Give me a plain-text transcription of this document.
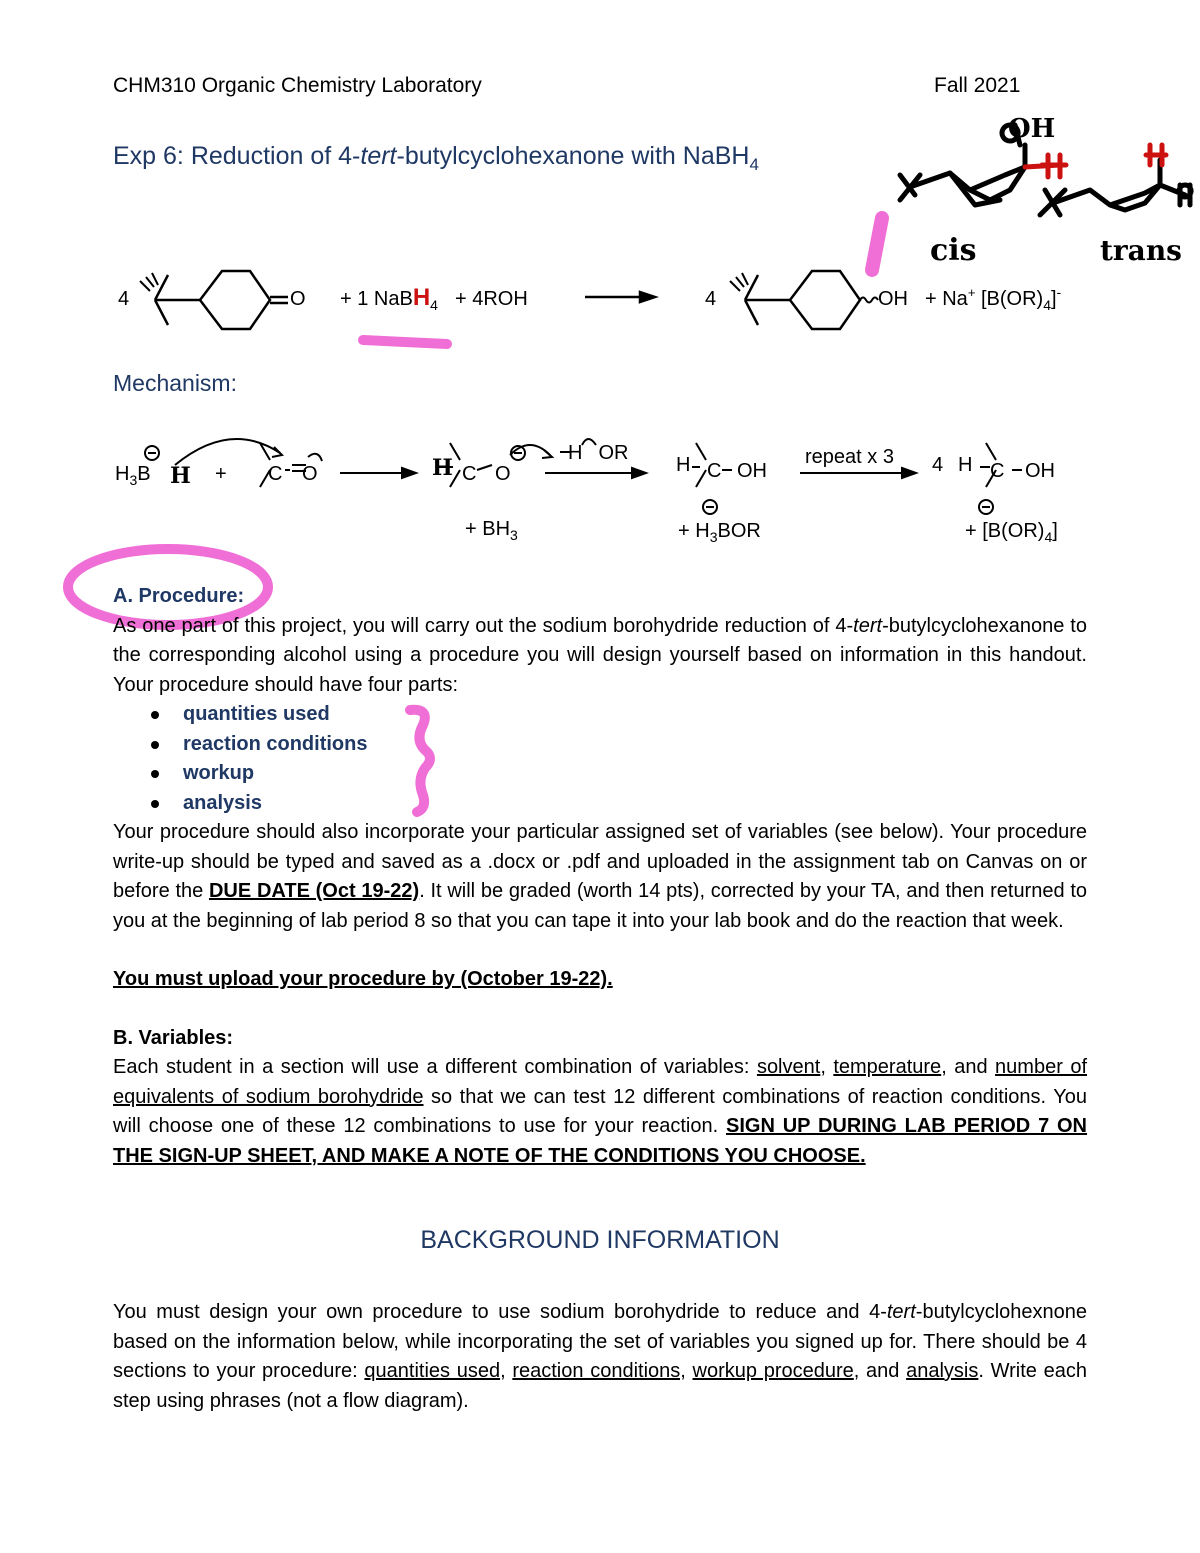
CHM310 Organic Chemistry Laboratory	Fall 2021
Exp 6: Reduction of 4-tert-butylcyclohexanone with NaBH$_4$
OH
cis	trans
4	O + 1 NaBH$_4$ + 4ROH	4	OH + Na+ $[B(OR)_4]^-$
Mechanism:
$H_3B$ H + C O	H C O
H OR
+ $BH_3$
H C OH
+ $H_3BOR$
repeat x 3 4 H C OH
+ $[B(OR)_4]$
A. Procedure:
As one part of this project, you will carry out the sodium borohydride reduction of 4-tert-butylcyclohexanone to the corresponding alcohol using a procedure you will design yourself based on information in this handout. Your procedure should have four parts:
quantities used
reaction conditions
workup
analysis
Your procedure should also incorporate your particular assigned set of variables (see below). Your procedure write-up should be typed and saved as a .docx or .pdf and uploaded in the assignment tab on Canvas on or before the DUE DATE (Oct 19-22). It will be graded (worth 14 pts), corrected by your TA, and then returned to you at the beginning of lab period 8 so that you can tape it into your lab book and do the reaction that week.
You must upload your procedure by (October 19-22).
B. Variables:
Each student in a section will use a different combination of variables: solvent, temperature, and number of equivalents of sodium borohydride so that we can test 12 different combinations of reaction conditions. You will choose one of these 12 combinations to use for your reaction. SIGN UP DURING LAB PERIOD 7 ON THE SIGN-UP SHEET, AND MAKE A NOTE OF THE CONDITIONS YOU CHOOSE.
BACKGROUND INFORMATION
You must design your own procedure to use sodium borohydride to reduce and 4-tert-butylcyclohexnone based on the information below, while incorporating the set of variables you signed up for. There should be 4 sections to your procedure: quantities used, reaction conditions, workup procedure, and analysis. Write each step using phrases (not a flow diagram).
